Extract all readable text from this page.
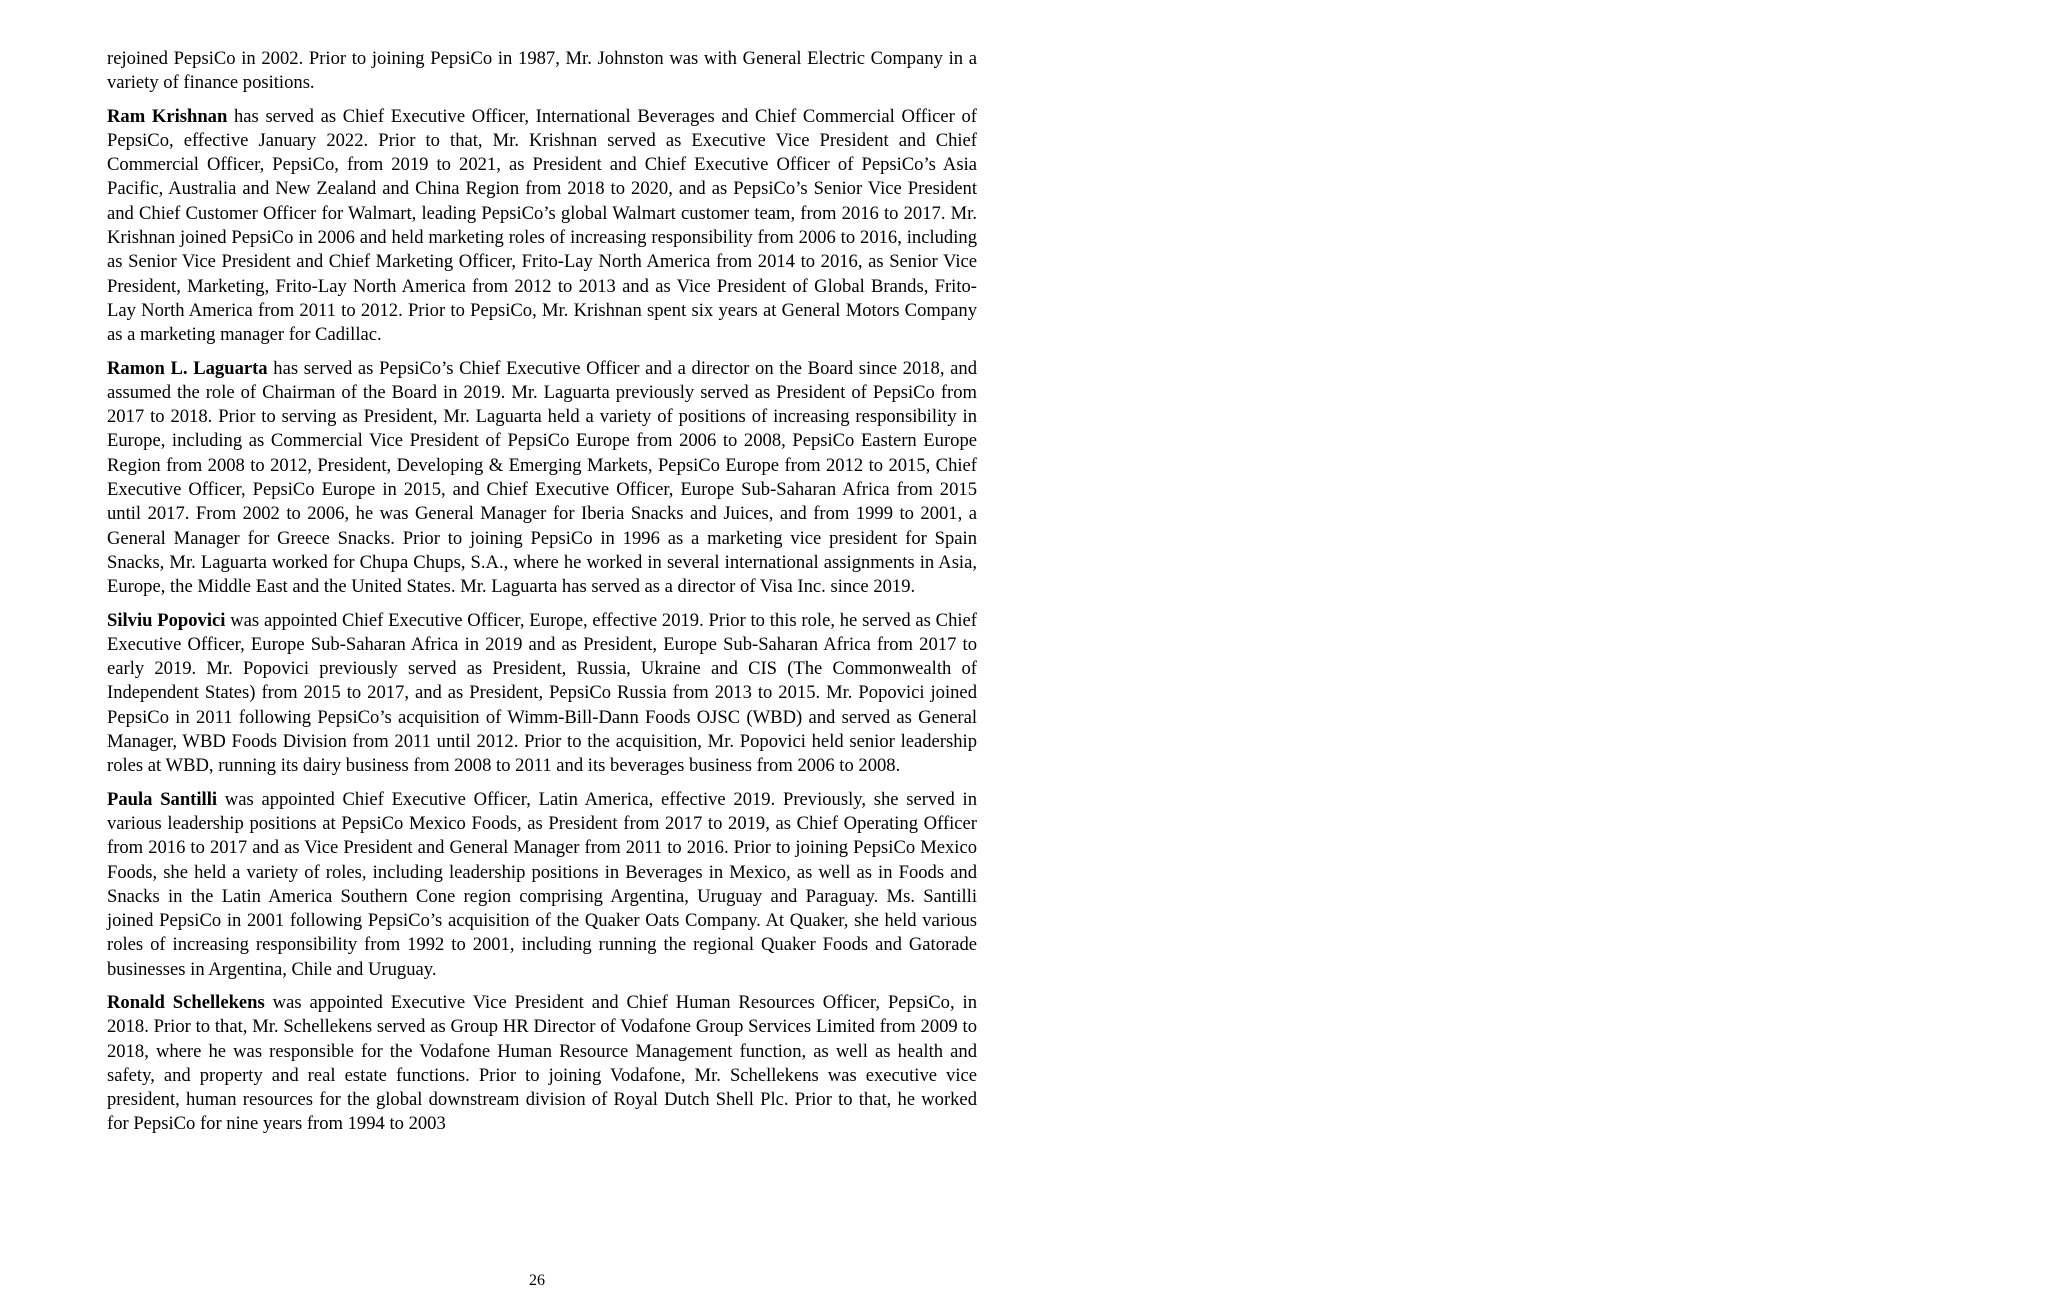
rejoined PepsiCo in 2002. Prior to joining PepsiCo in 1987, Mr. Johnston was with General Electric Company in a variety of finance positions.

Ram Krishnan has served as Chief Executive Officer, International Beverages and Chief Commercial Officer of PepsiCo, effective January 2022. Prior to that, Mr. Krishnan served as Executive Vice President and Chief Commercial Officer, PepsiCo, from 2019 to 2021, as President and Chief Executive Officer of PepsiCo’s Asia Pacific, Australia and New Zealand and China Region from 2018 to 2020, and as PepsiCo’s Senior Vice President and Chief Customer Officer for Walmart, leading PepsiCo’s global Walmart customer team, from 2016 to 2017. Mr. Krishnan joined PepsiCo in 2006 and held marketing roles of increasing responsibility from 2006 to 2016, including as Senior Vice President and Chief Marketing Officer, Frito-Lay North America from 2014 to 2016, as Senior Vice President, Marketing, Frito-Lay North America from 2012 to 2013 and as Vice President of Global Brands, Frito-Lay North America from 2011 to 2012. Prior to PepsiCo, Mr. Krishnan spent six years at General Motors Company as a marketing manager for Cadillac.

Ramon L. Laguarta has served as PepsiCo’s Chief Executive Officer and a director on the Board since 2018, and assumed the role of Chairman of the Board in 2019. Mr. Laguarta previously served as President of PepsiCo from 2017 to 2018. Prior to serving as President, Mr. Laguarta held a variety of positions of increasing responsibility in Europe, including as Commercial Vice President of PepsiCo Europe from 2006 to 2008, PepsiCo Eastern Europe Region from 2008 to 2012, President, Developing & Emerging Markets, PepsiCo Europe from 2012 to 2015, Chief Executive Officer, PepsiCo Europe in 2015, and Chief Executive Officer, Europe Sub-Saharan Africa from 2015 until 2017. From 2002 to 2006, he was General Manager for Iberia Snacks and Juices, and from 1999 to 2001, a General Manager for Greece Snacks. Prior to joining PepsiCo in 1996 as a marketing vice president for Spain Snacks, Mr. Laguarta worked for Chupa Chups, S.A., where he worked in several international assignments in Asia, Europe, the Middle East and the United States. Mr. Laguarta has served as a director of Visa Inc. since 2019.

Silviu Popovici was appointed Chief Executive Officer, Europe, effective 2019. Prior to this role, he served as Chief Executive Officer, Europe Sub-Saharan Africa in 2019 and as President, Europe Sub-Saharan Africa from 2017 to early 2019. Mr. Popovici previously served as President, Russia, Ukraine and CIS (The Commonwealth of Independent States) from 2015 to 2017, and as President, PepsiCo Russia from 2013 to 2015. Mr. Popovici joined PepsiCo in 2011 following PepsiCo’s acquisition of Wimm-Bill-Dann Foods OJSC (WBD) and served as General Manager, WBD Foods Division from 2011 until 2012. Prior to the acquisition, Mr. Popovici held senior leadership roles at WBD, running its dairy business from 2008 to 2011 and its beverages business from 2006 to 2008.

Paula Santilli was appointed Chief Executive Officer, Latin America, effective 2019. Previously, she served in various leadership positions at PepsiCo Mexico Foods, as President from 2017 to 2019, as Chief Operating Officer from 2016 to 2017 and as Vice President and General Manager from 2011 to 2016. Prior to joining PepsiCo Mexico Foods, she held a variety of roles, including leadership positions in Beverages in Mexico, as well as in Foods and Snacks in the Latin America Southern Cone region comprising Argentina, Uruguay and Paraguay. Ms. Santilli joined PepsiCo in 2001 following PepsiCo’s acquisition of the Quaker Oats Company. At Quaker, she held various roles of increasing responsibility from 1992 to 2001, including running the regional Quaker Foods and Gatorade businesses in Argentina, Chile and Uruguay.

Ronald Schellekens was appointed Executive Vice President and Chief Human Resources Officer, PepsiCo, in 2018. Prior to that, Mr. Schellekens served as Group HR Director of Vodafone Group Services Limited from 2009 to 2018, where he was responsible for the Vodafone Human Resource Management function, as well as health and safety, and property and real estate functions. Prior to joining Vodafone, Mr. Schellekens was executive vice president, human resources for the global downstream division of Royal Dutch Shell Plc. Prior to that, he worked for PepsiCo for nine years from 1994 to 2003

26
